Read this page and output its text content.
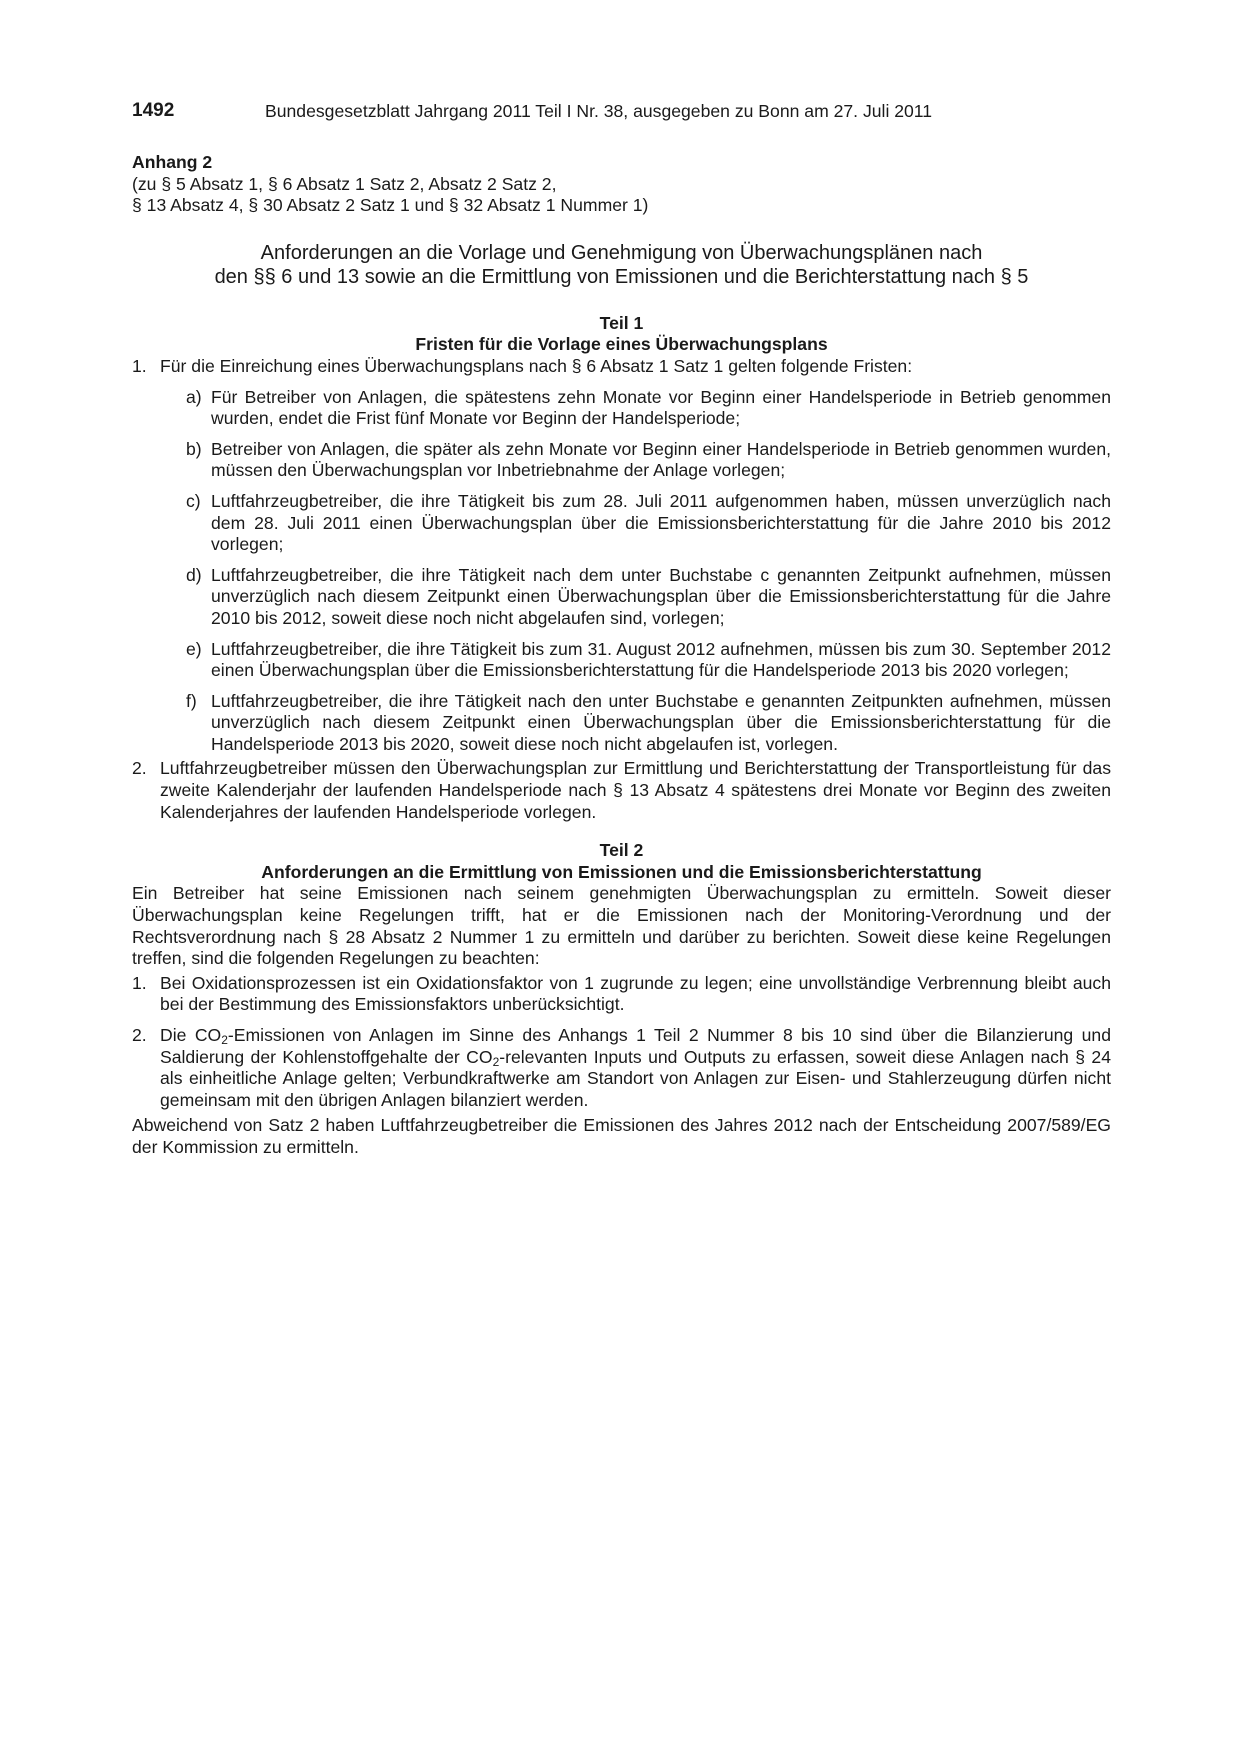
1492	Bundesgesetzblatt Jahrgang 2011 Teil I Nr. 38, ausgegeben zu Bonn am 27. Juli 2011
Anhang 2
(zu § 5 Absatz 1, § 6 Absatz 1 Satz 2, Absatz 2 Satz 2,
§ 13 Absatz 4, § 30 Absatz 2 Satz 1 und § 32 Absatz 1 Nummer 1)
Anforderungen an die Vorlage und Genehmigung von Überwachungsplänen nach
den §§ 6 und 13 sowie an die Ermittlung von Emissionen und die Berichterstattung nach § 5
Teil 1
Fristen für die Vorlage eines Überwachungsplans
1. Für die Einreichung eines Überwachungsplans nach § 6 Absatz 1 Satz 1 gelten folgende Fristen:
a) Für Betreiber von Anlagen, die spätestens zehn Monate vor Beginn einer Handelsperiode in Betrieb genommen wurden, endet die Frist fünf Monate vor Beginn der Handelsperiode;
b) Betreiber von Anlagen, die später als zehn Monate vor Beginn einer Handelsperiode in Betrieb genommen wurden, müssen den Überwachungsplan vor Inbetriebnahme der Anlage vorlegen;
c) Luftfahrzeugbetreiber, die ihre Tätigkeit bis zum 28. Juli 2011 aufgenommen haben, müssen unverzüglich nach dem 28. Juli 2011 einen Überwachungsplan über die Emissionsberichterstattung für die Jahre 2010 bis 2012 vorlegen;
d) Luftfahrzeugbetreiber, die ihre Tätigkeit nach dem unter Buchstabe c genannten Zeitpunkt aufnehmen, müssen unverzüglich nach diesem Zeitpunkt einen Überwachungsplan über die Emissionsberichterstattung für die Jahre 2010 bis 2012, soweit diese noch nicht abgelaufen sind, vorlegen;
e) Luftfahrzeugbetreiber, die ihre Tätigkeit bis zum 31. August 2012 aufnehmen, müssen bis zum 30. September 2012 einen Überwachungsplan über die Emissionsberichterstattung für die Handelsperiode 2013 bis 2020 vorlegen;
f) Luftfahrzeugbetreiber, die ihre Tätigkeit nach den unter Buchstabe e genannten Zeitpunkten aufnehmen, müssen unverzüglich nach diesem Zeitpunkt einen Überwachungsplan über die Emissionsberichterstattung für die Handelsperiode 2013 bis 2020, soweit diese noch nicht abgelaufen ist, vorlegen.
2. Luftfahrzeugbetreiber müssen den Überwachungsplan zur Ermittlung und Berichterstattung der Transportleistung für das zweite Kalenderjahr der laufenden Handelsperiode nach § 13 Absatz 4 spätestens drei Monate vor Beginn des zweiten Kalenderjahres der laufenden Handelsperiode vorlegen.
Teil 2
Anforderungen an die Ermittlung von Emissionen und die Emissionsberichterstattung
Ein Betreiber hat seine Emissionen nach seinem genehmigten Überwachungsplan zu ermitteln. Soweit dieser Überwachungsplan keine Regelungen trifft, hat er die Emissionen nach der Monitoring-Verordnung und der Rechtsverordnung nach § 28 Absatz 2 Nummer 1 zu ermitteln und darüber zu berichten. Soweit diese keine Regelungen treffen, sind die folgenden Regelungen zu beachten:
1. Bei Oxidationsprozessen ist ein Oxidationsfaktor von 1 zugrunde zu legen; eine unvollständige Verbrennung bleibt auch bei der Bestimmung des Emissionsfaktors unberücksichtigt.
2. Die $CO_2$-Emissionen von Anlagen im Sinne des Anhangs 1 Teil 2 Nummer 8 bis 10 sind über die Bilanzierung und Saldierung der Kohlenstoffgehalte der $CO_2$-relevanten Inputs und Outputs zu erfassen, soweit diese Anlagen nach § 24 als einheitliche Anlage gelten; Verbundkraftwerke am Standort von Anlagen zur Eisen- und Stahlerzeugung dürfen nicht gemeinsam mit den übrigen Anlagen bilanziert werden.
Abweichend von Satz 2 haben Luftfahrzeugbetreiber die Emissionen des Jahres 2012 nach der Entscheidung 2007/589/EG der Kommission zu ermitteln.
